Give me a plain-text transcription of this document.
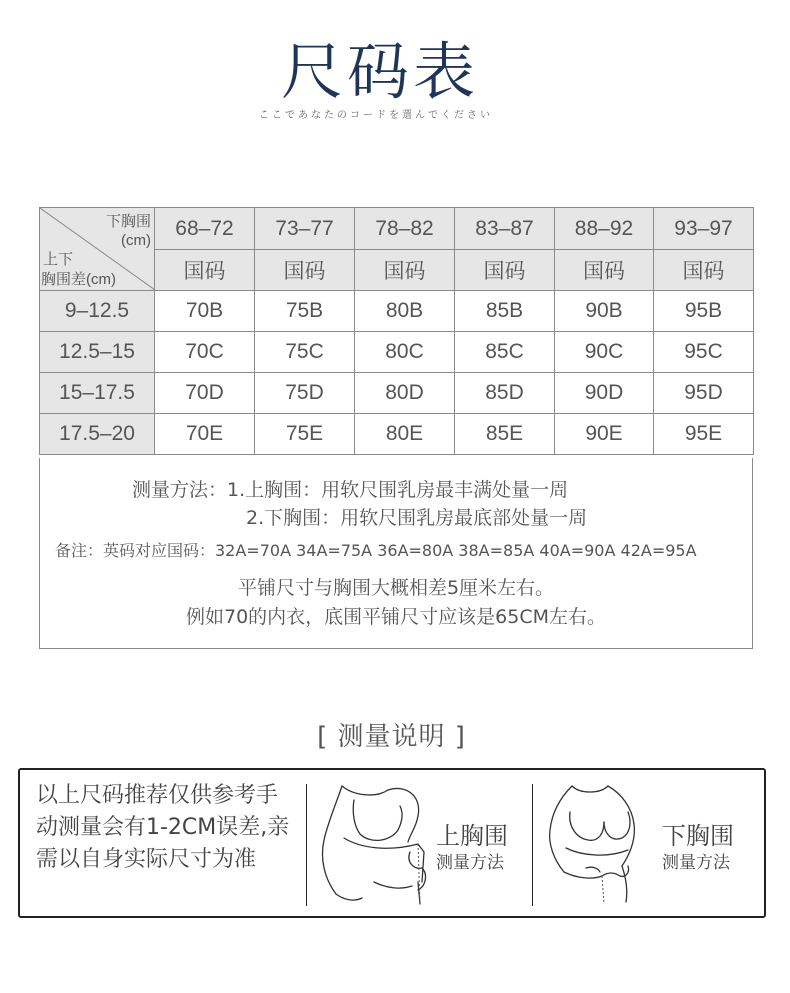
尺码表
ここであなたのコードを選んでください
下胸围
(cm)
上下
胸围差(cm)	68–72	73–77	78–82	83–87	88–92	93–97
	国码	国码	国码	国码	国码	国码
9–12.5	70B	75B	80B	85B	90B	95B
12.5–15	70C	75C	80C	85C	90C	95C
15–17.5	70D	75D	80D	85D	90D	95D
17.5–20	70E	75E	80E	85E	90E	95E
测量方法：1.上胸围：用软尺围乳房最丰满处量一周
2.下胸围：用软尺围乳房最底部处量一周
备注：英码对应国码：32A=70A 34A=75A 36A=80A 38A=85A 40A=90A 42A=95A
平铺尺寸与胸围大概相差5厘米左右。
例如70的内衣，底围平铺尺寸应该是65CM左右。
[ 测量说明 ]
以上尺码推荐仅供参考手动测量会有1-2CM误差,亲需以自身实际尺寸为准
上胸围
测量方法
下胸围
测量方法
